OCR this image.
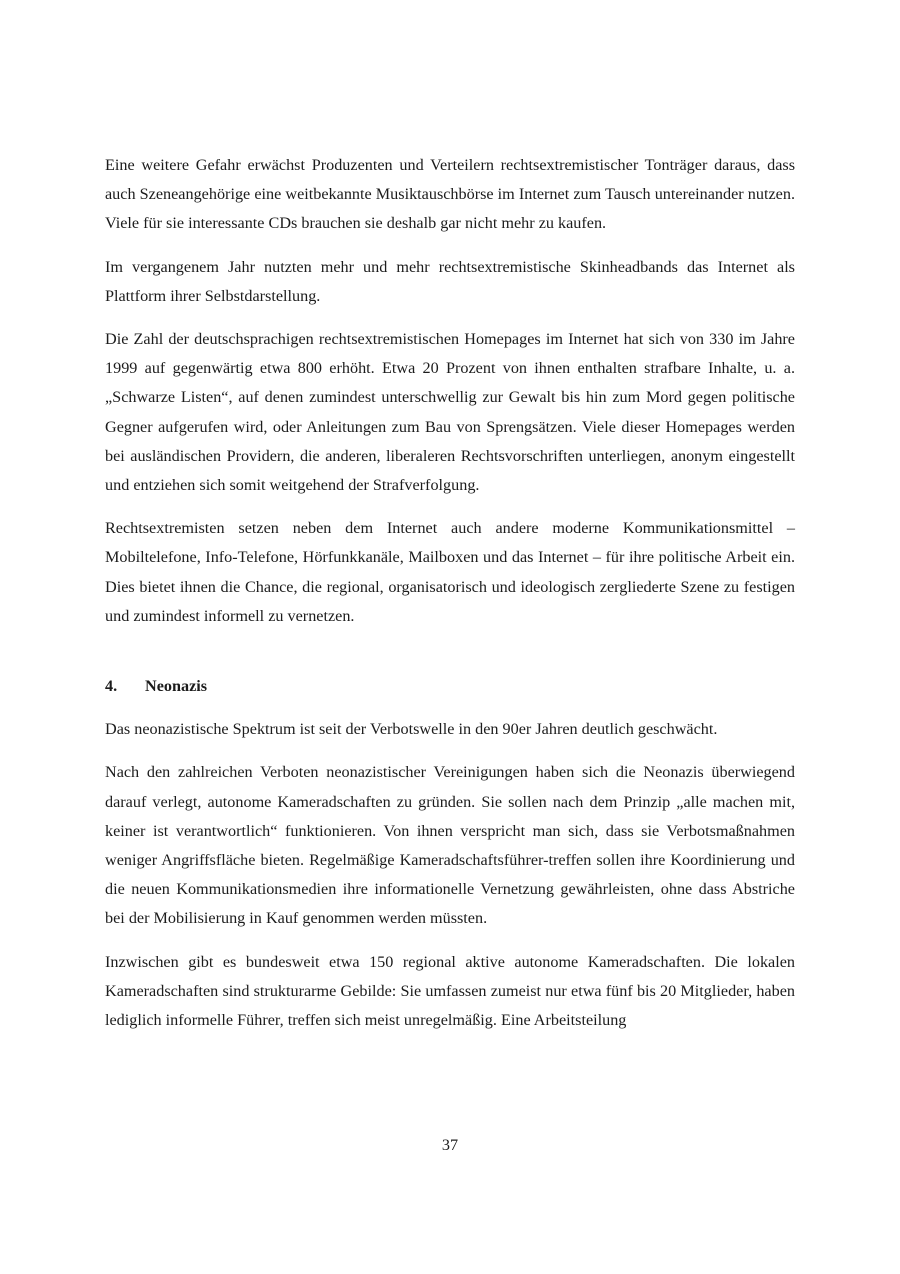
Eine weitere Gefahr erwächst Produzenten und Verteilern rechtsextremistischer Tonträger daraus, dass auch Szeneangehörige eine weitbekannte Musiktauschbörse im Internet zum Tausch untereinander nutzen. Viele für sie interessante CDs brauchen sie deshalb gar nicht mehr zu kaufen.

Im vergangenem Jahr nutzten mehr und mehr rechtsextremistische Skinheadbands das Internet als Plattform ihrer Selbstdarstellung.

Die Zahl der deutschsprachigen rechtsextremistischen Homepages im Internet hat sich von 330 im Jahre 1999 auf gegenwärtig etwa 800 erhöht. Etwa 20 Prozent von ihnen enthalten strafbare Inhalte, u. a. „Schwarze Listen“, auf denen zumindest unterschwellig zur Gewalt bis hin zum Mord gegen politische Gegner aufgerufen wird, oder Anleitungen zum Bau von Sprengsätzen. Viele dieser Homepages werden bei ausländischen Providern, die anderen, liberaleren Rechtsvorschriften unterliegen, anonym eingestellt und entziehen sich somit weitgehend der Strafverfolgung.

Rechtsextremisten setzen neben dem Internet auch andere moderne Kommunikationsmittel – Mobiltelefone, Info-Telefone, Hörfunkkanäle, Mailboxen und das Internet – für ihre politische Arbeit ein. Dies bietet ihnen die Chance, die regional, organisatorisch und ideologisch zergliederte Szene zu festigen und zumindest informell zu vernetzen.

4.	Neonazis

Das neonazistische Spektrum ist seit der Verbotswelle in den 90er Jahren deutlich geschwächt.

Nach den zahlreichen Verboten neonazistischer Vereinigungen haben sich die Neonazis überwiegend darauf verlegt, autonome Kameradschaften zu gründen. Sie sollen nach dem Prinzip „alle machen mit, keiner ist verantwortlich“ funktionieren. Von ihnen verspricht man sich, dass sie Verbotsmaßnahmen weniger Angriffsfläche bieten. Regelmäßige Kameradschaftsführer-treffen sollen ihre Koordinierung und die neuen Kommunikationsmedien ihre informationelle Vernetzung gewährleisten, ohne dass Abstriche bei der Mobilisierung in Kauf genommen werden müssten.

Inzwischen gibt es bundesweit etwa 150 regional aktive autonome Kameradschaften. Die lokalen Kameradschaften sind strukturarme Gebilde: Sie umfassen zumeist nur etwa fünf bis 20 Mitglieder, haben lediglich informelle Führer, treffen sich meist unregelmäßig. Eine Arbeitsteilung

37
